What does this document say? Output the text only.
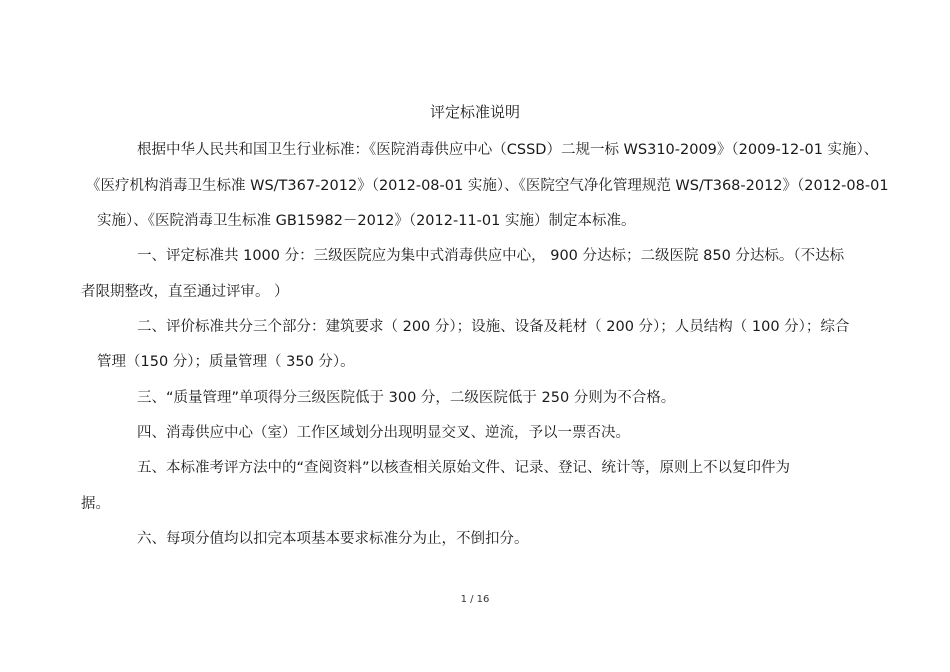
评定标准说明
根据中华人民共和国卫生行业标准：《医院消毒供应中心（CSSD）二规一标 WS310-2009》（2009-12-01 实施）、
《医疗机构消毒卫生标准 WS/T367-2012》（2012-08-01 实施）、《医院空气净化管理规范 WS/T368-2012》（2012-08-01
实施）、《医院消毒卫生标准 GB15982－2012》（2012-11-01 实施）制定本标准。
一、评定标准共 1000 分：三级医院应为集中式消毒供应中心， 900 分达标；二级医院 850 分达标。（不达标
者限期整改，直至通过评审。 ）
二、评价标准共分三个部分：建筑要求（ 200 分）；设施、设备及耗材（ 200 分）；人员结构（ 100 分）；综合
管理（150 分）；质量管理（ 350 分）。
三、“质量管理”单项得分三级医院低于 300 分，二级医院低于 250 分则为不合格。
四、消毒供应中心（室）工作区域划分出现明显交叉、逆流，予以一票否决。
五、本标准考评方法中的“查阅资料”以核查相关原始文件、记录、登记、统计等，原则上不以复印件为
据。
六、每项分值均以扣完本项基本要求标准分为止，不倒扣分。
1 / 16
